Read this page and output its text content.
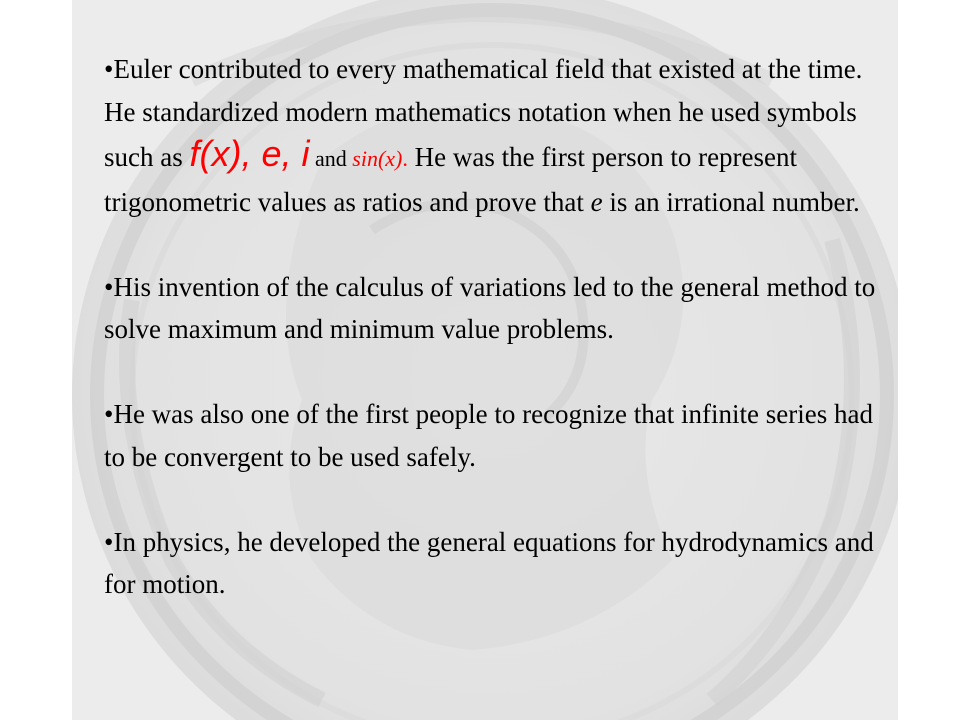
•Euler contributed to every mathematical field that existed at the time. He standardized modern mathematics notation when he used symbols such as f(x), e, i and sin(x). He was the first person to represent trigonometric values as ratios and prove that e is an irrational number.

•His invention of the calculus of variations led to the general method to solve maximum and minimum value problems.

•He was also one of the first people to recognize that infinite series had to be convergent to be used safely.

•In physics, he developed the general equations for hydrodynamics and for motion.
